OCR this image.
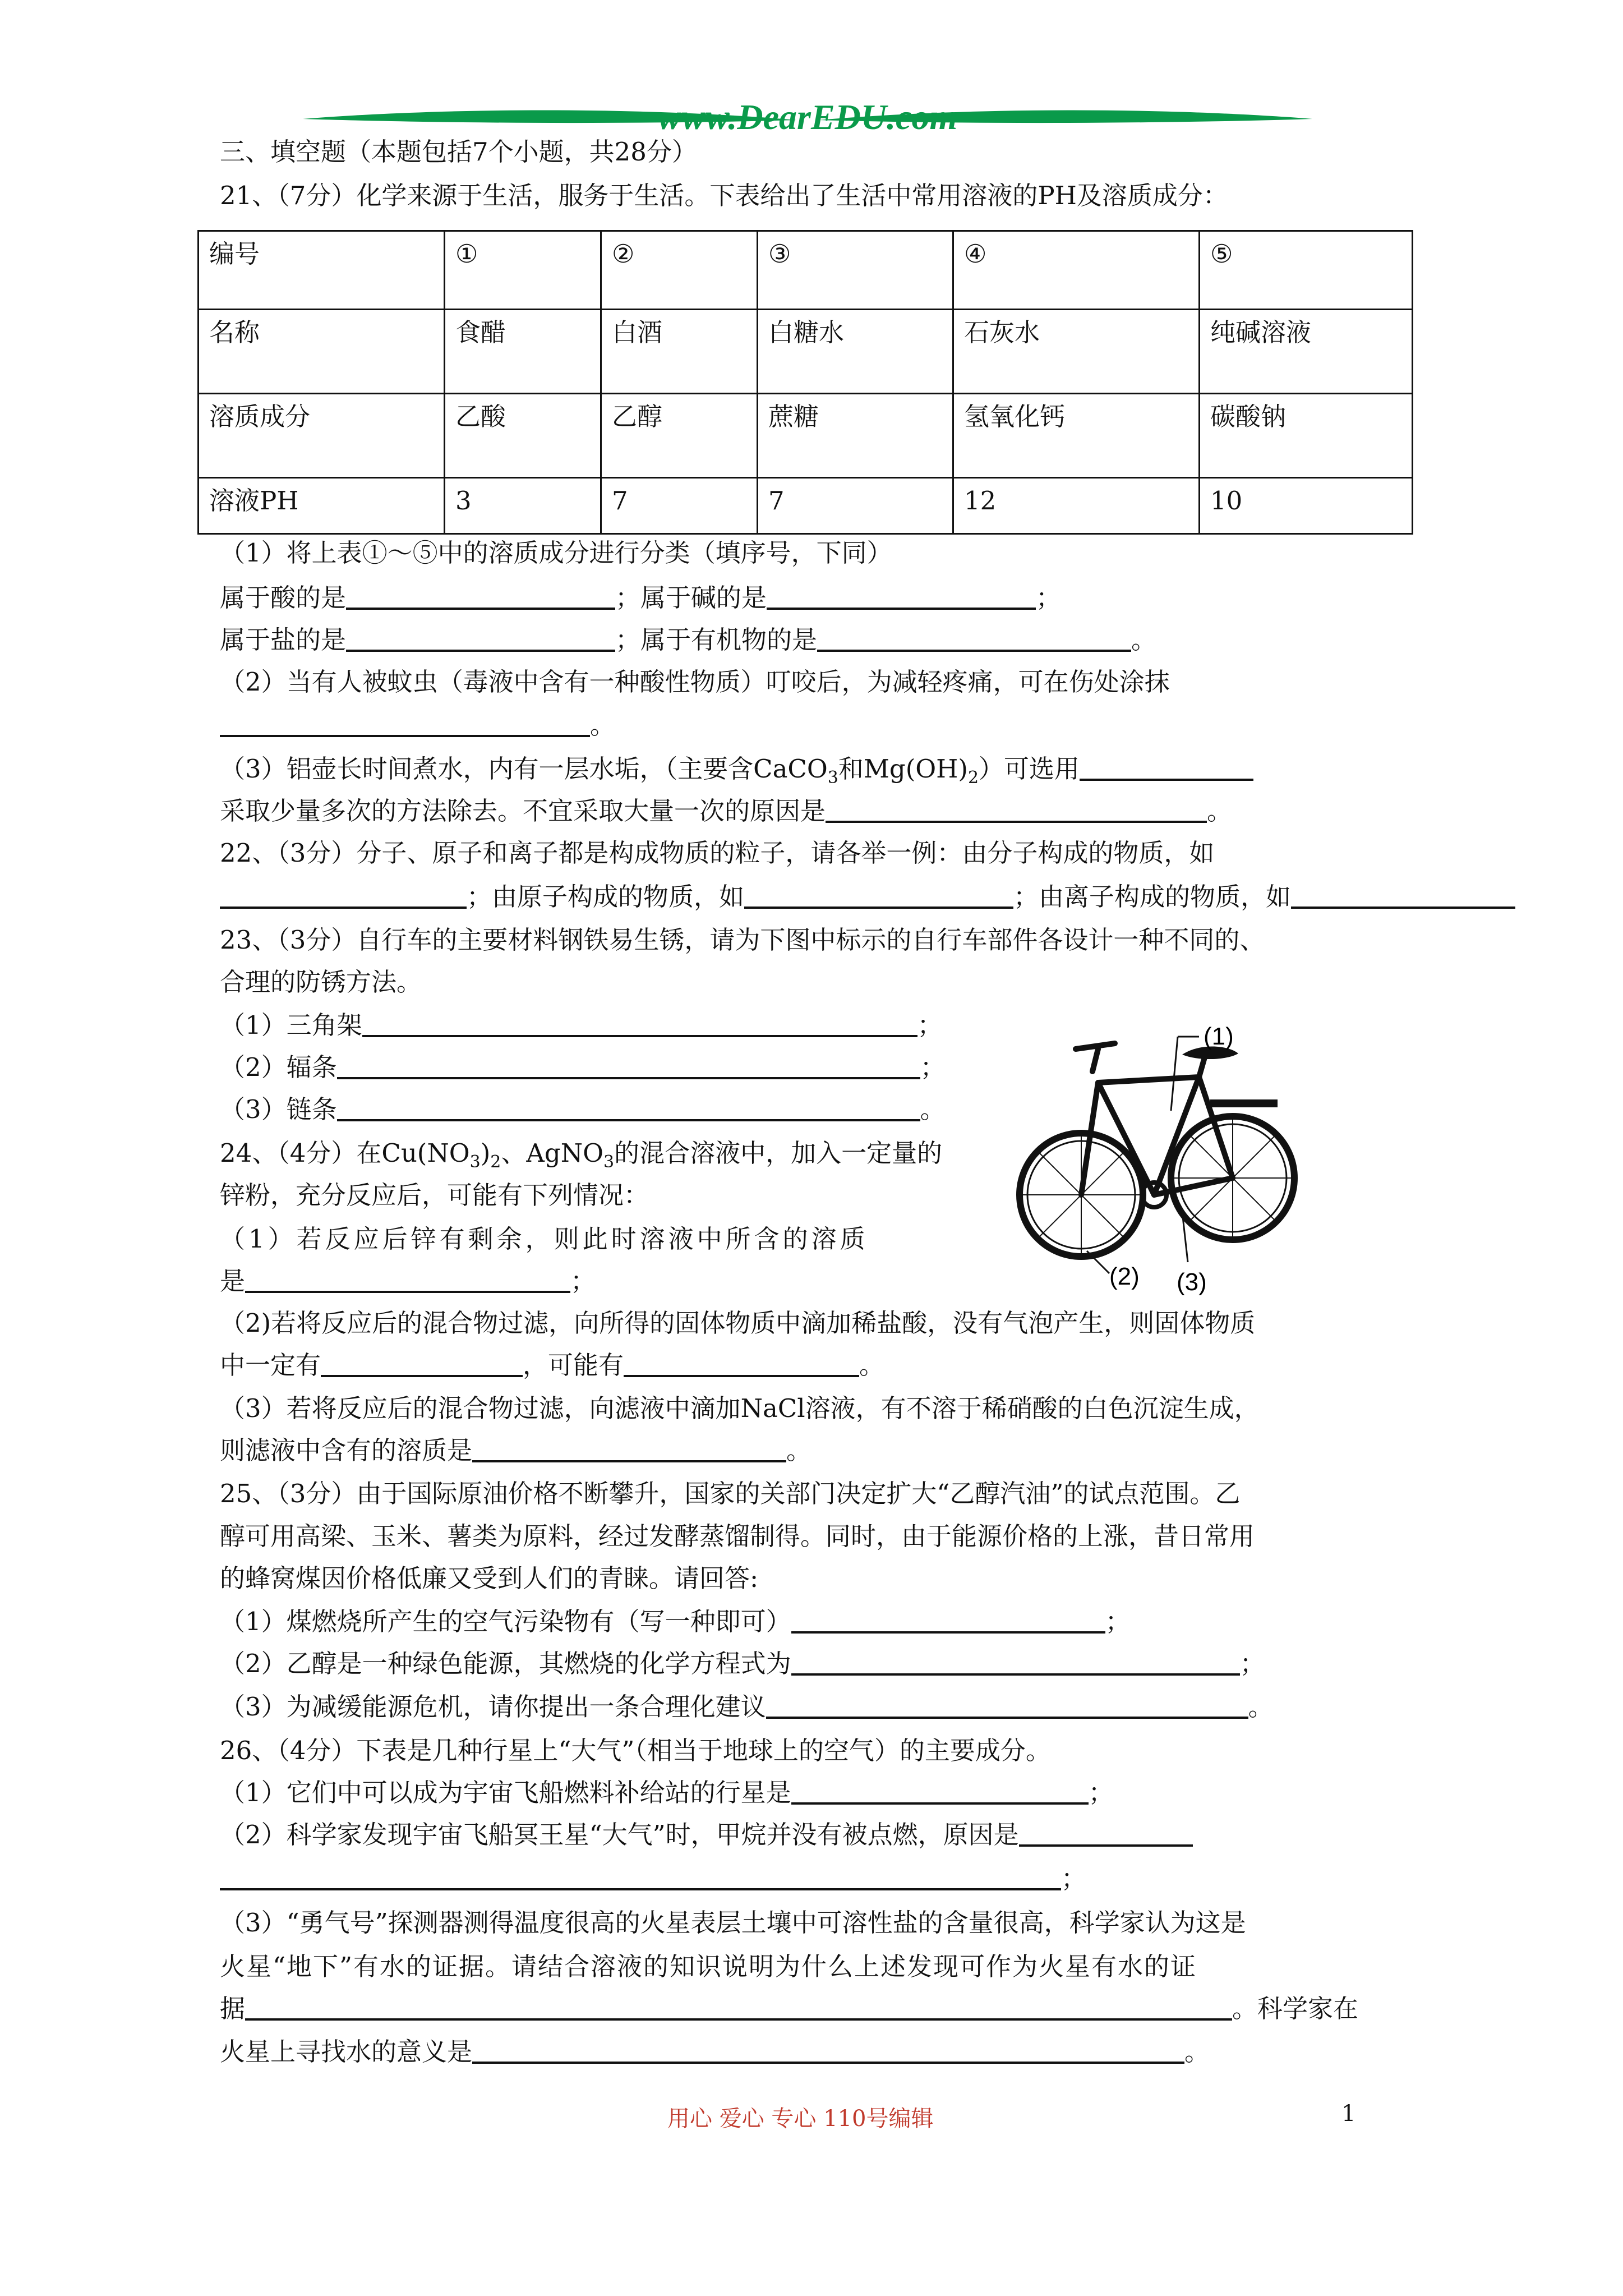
www.DearEDU.com
三、填空题（本题包括7个小题，共28分）
21、（7分）化学来源于生活，服务于生活。下表给出了生活中常用溶液的PH及溶质成分：
编号	①	②	③	④	⑤
名称	食醋	白酒	白糖水	石灰水	纯碱溶液
溶质成分	乙酸	乙醇	蔗糖	氢氧化钙	碳酸钠
溶液PH	3	7	7	12	10
（1）将上表①～⑤中的溶质成分进行分类（填序号，下同）
属于酸的是	；属于碱的是	；
属于盐的是	；属于有机物的是	。
（2）当有人被蚊虫（毒液中含有一种酸性物质）叮咬后，为减轻疼痛，可在伤处涂抹
。
（3）铝壶长时间煮水，内有一层水垢，（主要含CaCO$_3$和$Mg(OH)_2$）可选用
采取少量多次的方法除去。不宜采取大量一次的原因是	。
22、（3分）分子、原子和离子都是构成物质的粒子，请各举一例：由分子构成的物质，如
；由原子构成的物质，如	；由离子构成的物质，如
23、（3分）自行车的主要材料钢铁易生锈，请为下图中标示的自行车部件各设计一种不同的、
合理的防锈方法。
（1）三角架	；
（2）辐条	；
（3）链条	。
(1)
(2) (3)
24、（4分）在$Cu(NO_3)_2$、AgNO$_3$的混合溶液中，加入一定量的
锌粉，充分反应后，可能有下列情况：
（1）若反应后锌有剩余，则此时溶液中所含的溶质
是	；
（2)若将反应后的混合物过滤，向所得的固体物质中滴加稀盐酸，没有气泡产生，则固体物质
中一定有	，可能有	。
（3）若将反应后的混合物过滤，向滤液中滴加NaCl溶液，有不溶于稀硝酸的白色沉淀生成，
则滤液中含有的溶质是	。
25、（3分）由于国际原油价格不断攀升，国家的关部门决定扩大“乙醇汽油”的试点范围。乙
醇可用高梁、玉米、薯类为原料，经过发酵蒸馏制得。同时，由于能源价格的上涨，昔日常用
的蜂窝煤因价格低廉又受到人们的青睐。请回答:
（1）煤燃烧所产生的空气污染物有（写一种即可）	；
（2）乙醇是一种绿色能源，其燃烧的化学方程式为	；
（3）为减缓能源危机，请你提出一条合理化建议	。
26、（4分）下表是几种行星上“大气”（相当于地球上的空气）的主要成分。
（1）它们中可以成为宇宙飞船燃料补给站的行星是	；
（2）科学家发现宇宙飞船冥王星“大气”时，甲烷并没有被点燃，原因是
；
（3）“勇气号”探测器测得温度很高的火星表层土壤中可溶性盐的含量很高，科学家认为这是
火星“地下”有水的证据。请结合溶液的知识说明为什么上述发现可作为火星有水的证
据	。科学家在
火星上寻找水的意义是	。
用心 爱心 专心 110号编辑	1
